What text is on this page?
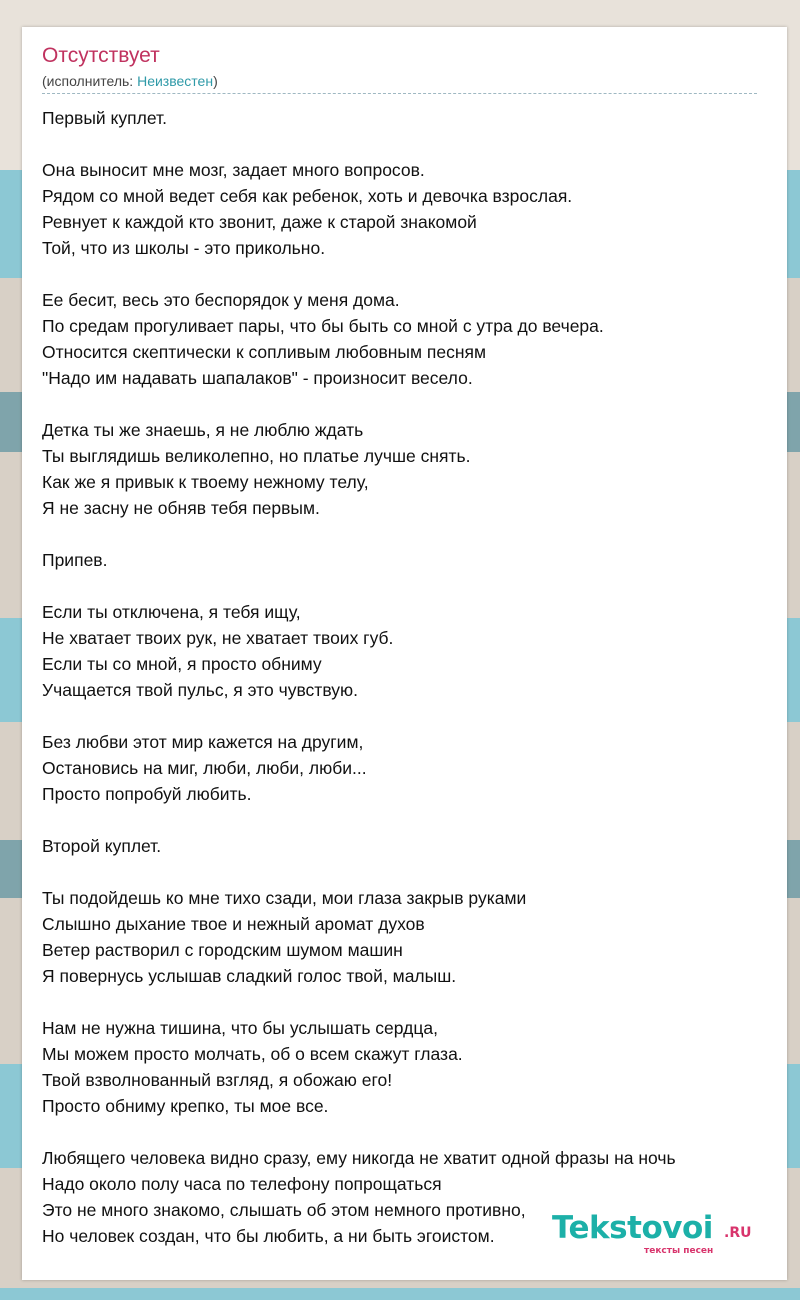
Отсутствует
(исполнитель: Неизвестен)
Первый куплет.
Она выносит мне мозг, задает много вопросов.
Рядом со мной ведет себя как ребенок, хоть и девочка взрослая.
Ревнует к каждой кто звонит, даже к старой знакомой
Той, что из школы - это прикольно.
Ее бесит, весь это беспорядок у меня дома.
По средам прогуливает пары, что бы быть со мной с утра до вечера.
Относится скептически к сопливым любовным песням
"Надо им надавать шапалаков" - произносит весело.
Детка ты же знаешь, я не люблю ждать
Ты выглядишь великолепно, но платье лучше снять.
Как же я привык к твоему нежному телу,
Я не засну не обняв тебя первым.
Припев.
Если ты отключена, я тебя ищу,
Не хватает твоих рук, не хватает твоих губ.
Если ты со мной, я просто обниму
Учащается твой пульс, я это чувствую.
Без любви этот мир кажется на другим,
Остановись на миг, люби, люби, люби...
Просто попробуй любить.
Второй куплет.
Ты подойдешь ко мне тихо сзади, мои глаза закрыв руками
Слышно дыхание твое и нежный аромат духов
Ветер растворил с городским шумом машин
Я повернусь услышав сладкий голос твой, малыш.
Нам не нужна тишина, что бы услышать сердца,
Мы можем просто молчать, об о всем скажут глаза.
Твой взволнованный взгляд, я обожаю его!
Просто обниму крепко, ты мое все.
Любящего человека видно сразу, ему никогда не хватит одной фразы на ночь
Надо около полу часа по телефону попрощаться
Это не много знакомо, слышать об этом немного противно,
Но человек создан, что бы любить, а ни быть эгоистом.	Tekstovoi .RU
тексты песен
